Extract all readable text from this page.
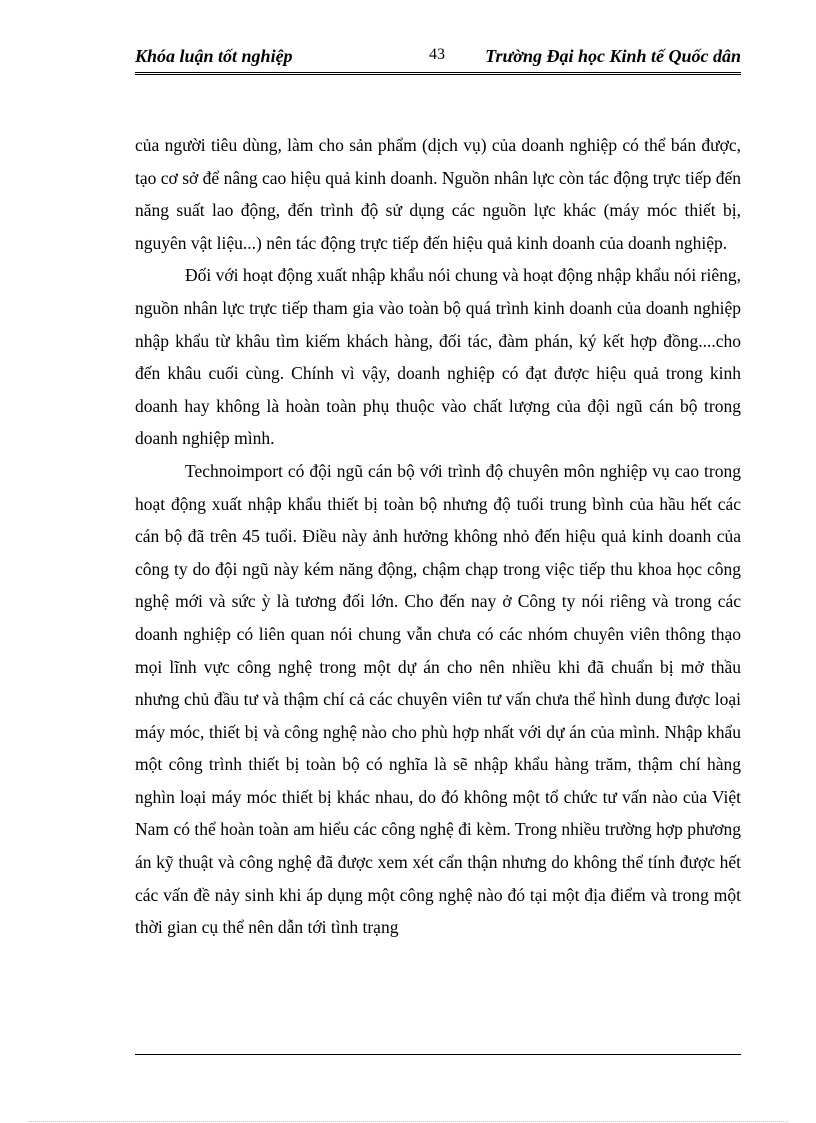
Khóa luận tốt nghiệp	43 Trường Đại học Kinh tế Quốc dân

của người tiêu dùng, làm cho sản phẩm (dịch vụ) của doanh nghiệp có thể bán được, tạo cơ sở để nâng cao hiệu quả kinh doanh. Nguồn nhân lực còn tác động trực tiếp đến năng suất lao động, đến trình độ sử dụng các nguồn lực khác (máy móc thiết bị, nguyên vật liệu...) nên tác động trực tiếp đến hiệu quả kinh doanh của doanh nghiệp.

Đối với hoạt động xuất nhập khẩu nói chung và hoạt động nhập khẩu nói riêng, nguồn nhân lực trực tiếp tham gia vào toàn bộ quá trình kinh doanh của doanh nghiệp nhập khẩu từ khâu tìm kiếm khách hàng, đối tác, đàm phán, ký kết hợp đồng....cho đến khâu cuối cùng. Chính vì vậy, doanh nghiệp có đạt được hiệu quả trong kinh doanh hay không là hoàn toàn phụ thuộc vào chất lượng của đội ngũ cán bộ trong doanh nghiệp mình.

Technoimport có đội ngũ cán bộ với trình độ chuyên môn nghiệp vụ cao trong hoạt động xuất nhập khẩu thiết bị toàn bộ nhưng độ tuổi trung bình của hầu hết các cán bộ đã trên 45 tuổi. Điều này ảnh hưởng không nhỏ đến hiệu quả kinh doanh của công ty do đội ngũ này kém năng động, chậm chạp trong việc tiếp thu khoa học công nghệ mới và sức ỳ là tương đối lớn. Cho đến nay ở Công ty nói riêng và trong các doanh nghiệp có liên quan nói chung vẫn chưa có các nhóm chuyên viên thông thạo mọi lĩnh vực công nghệ trong một dự án cho nên nhiều khi đã chuẩn bị mở thầu nhưng chủ đầu tư và thậm chí cả các chuyên viên tư vấn chưa thể hình dung được loại máy móc, thiết bị và công nghệ nào cho phù hợp nhất với dự án của mình. Nhập khẩu một công trình thiết bị toàn bộ có nghĩa là sẽ nhập khẩu hàng trăm, thậm chí hàng nghìn loại máy móc thiết bị khác nhau, do đó không một tổ chức tư vấn nào của Việt Nam có thể hoàn toàn am hiểu các công nghệ đi kèm. Trong nhiều trường hợp phương án kỹ thuật và công nghệ đã được xem xét cẩn thận nhưng do không thể tính được hết các vấn đề nảy sinh khi áp dụng một công nghệ nào đó tại một địa điểm và trong một thời gian cụ thể nên dẫn tới tình trạng
